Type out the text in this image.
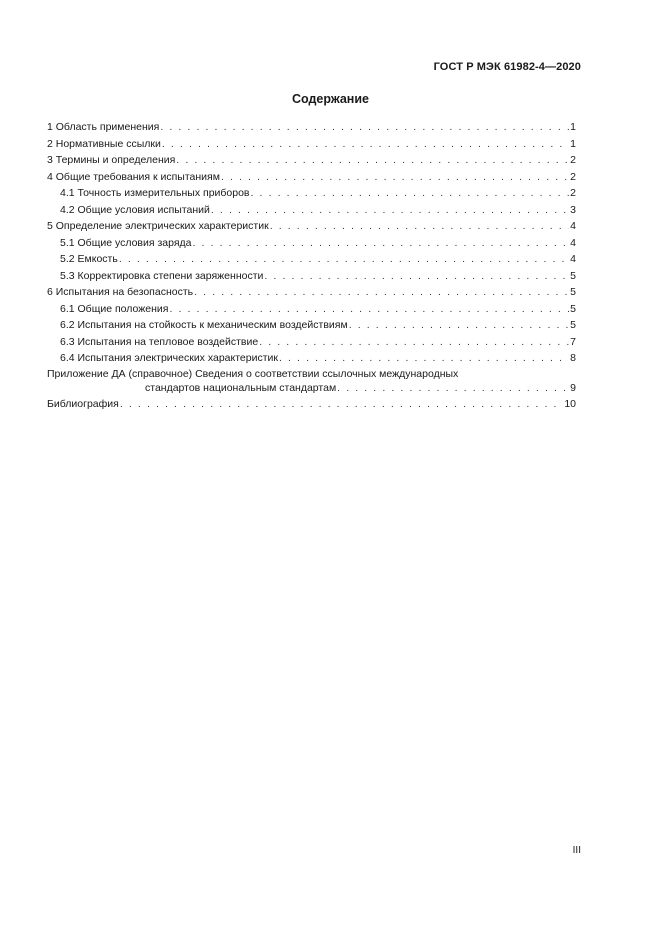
ГОСТ Р МЭК 61982-4—2020
Содержание
1 Область применения . . .	1
2 Нормативные ссылки . . .	1
3 Термины и определения . . .	2
4 Общие требования к испытаниям . . .	2
4.1 Точность измерительных приборов . . .	2
4.2 Общие условия испытаний . . .	3
5 Определение электрических характеристик . . .	4
5.1 Общие условия заряда . . .	4
5.2 Емкость . . .	4
5.3 Корректировка степени заряженности . . .	5
6 Испытания на безопасность . . .	5
6.1 Общие положения . . .	5
6.2 Испытания на стойкость к механическим воздействиям . . .	5
6.3 Испытания на тепловое воздействие . . .	7
6.4 Испытания электрических характеристик . . .	8
Приложение ДА (справочное) Сведения о соответствии ссылочных международных
стандартов национальным стандартам . . .	9
Библиография . . .	10
III
